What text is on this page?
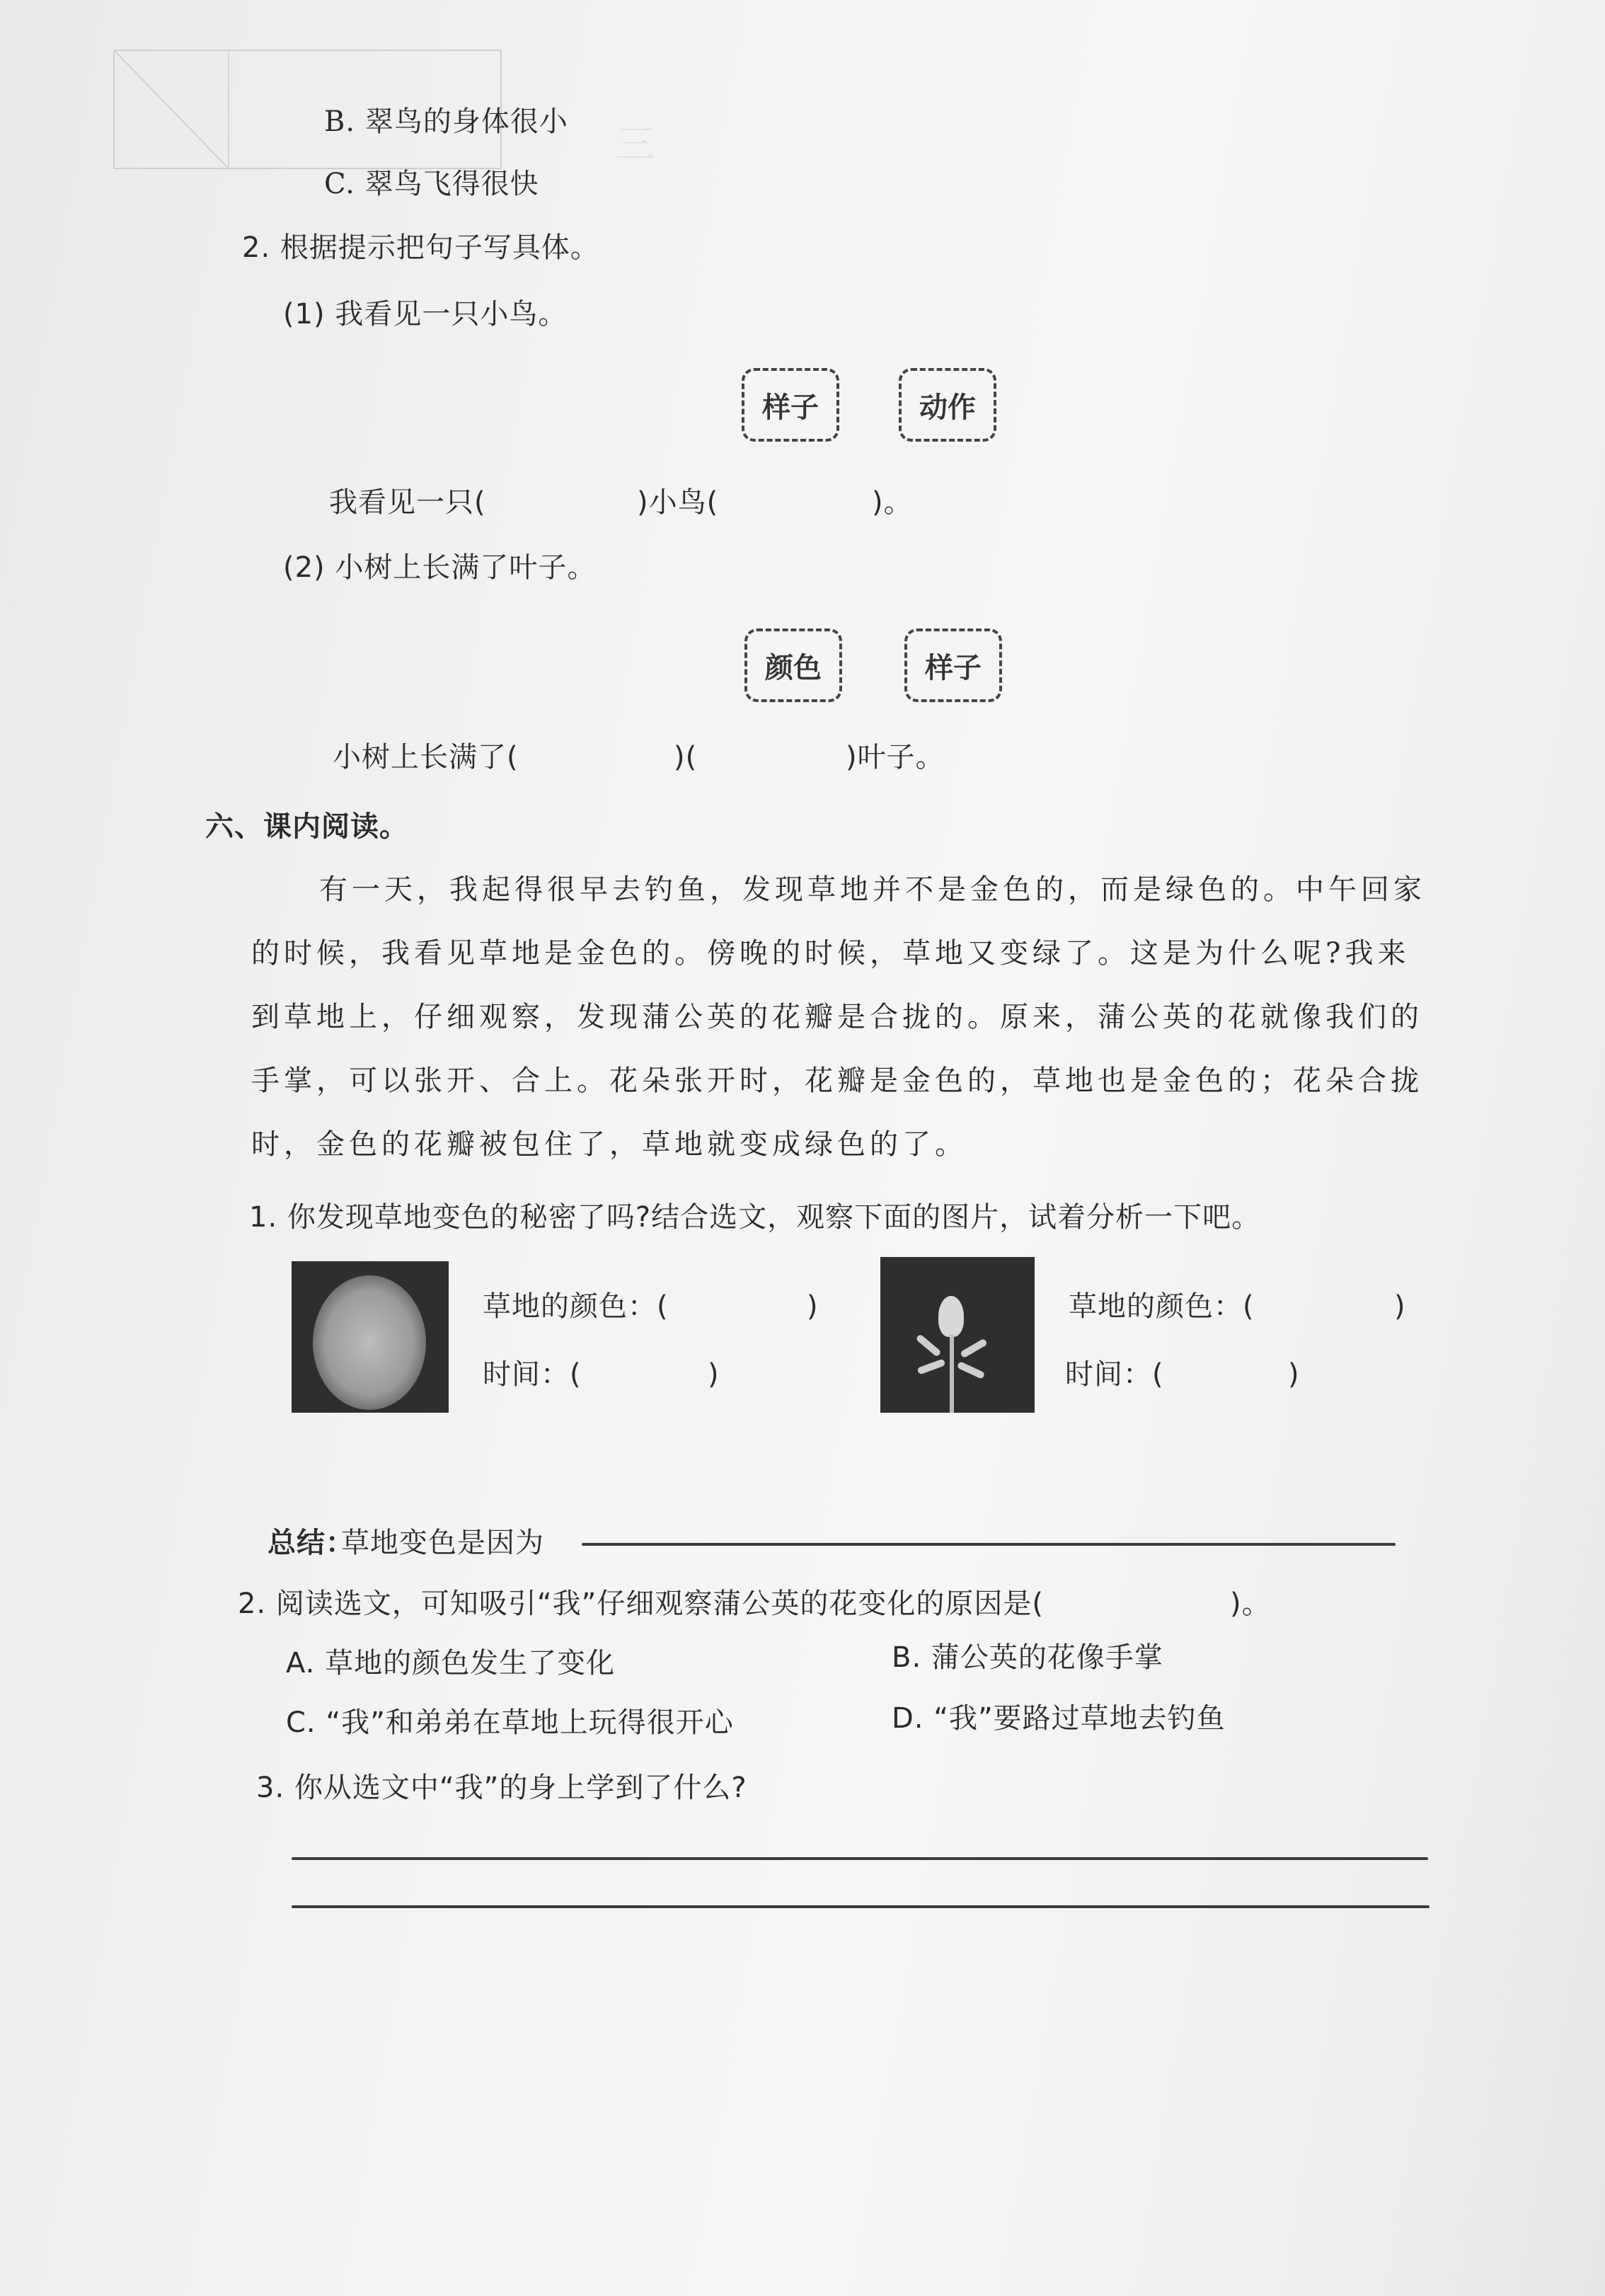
三
B. 翠鸟的身体很小
C. 翠鸟飞得很快
2. 根据提示把句子写具体。
(1) 我看见一只小鸟。
样子	动作
我看见一只(	)小鸟(	)。
(2) 小树上长满了叶子。
颜色	样子
小树上长满了(	)(	)叶子。
六、课内阅读。
有一天，我起得很早去钓鱼，发现草地并不是金色的，而是绿色的。中午回家的时候，我看见草地是金色的。傍晚的时候，草地又变绿了。这是为什么呢?我来到草地上，仔细观察，发现蒲公英的花瓣是合拢的。原来，蒲公英的花就像我们的手掌，可以张开、合上。花朵张开时，花瓣是金色的，草地也是金色的；花朵合拢时，金色的花瓣被包住了，草地就变成绿色的了。
1. 你发现草地变色的秘密了吗?结合选文，观察下面的图片，试着分析一下吧。
草地的颜色：(	)
时间：(	)
草地的颜色：(	)
时间：(	)
总结：
草地变色是因为
2. 阅读选文，可知吸引“我”仔细观察蒲公英的花变化的原因是(	)。
A. 草地的颜色发生了变化	B. 蒲公英的花像手掌
C. “我”和弟弟在草地上玩得很开心	D. “我”要路过草地去钓鱼
3. 你从选文中“我”的身上学到了什么?
